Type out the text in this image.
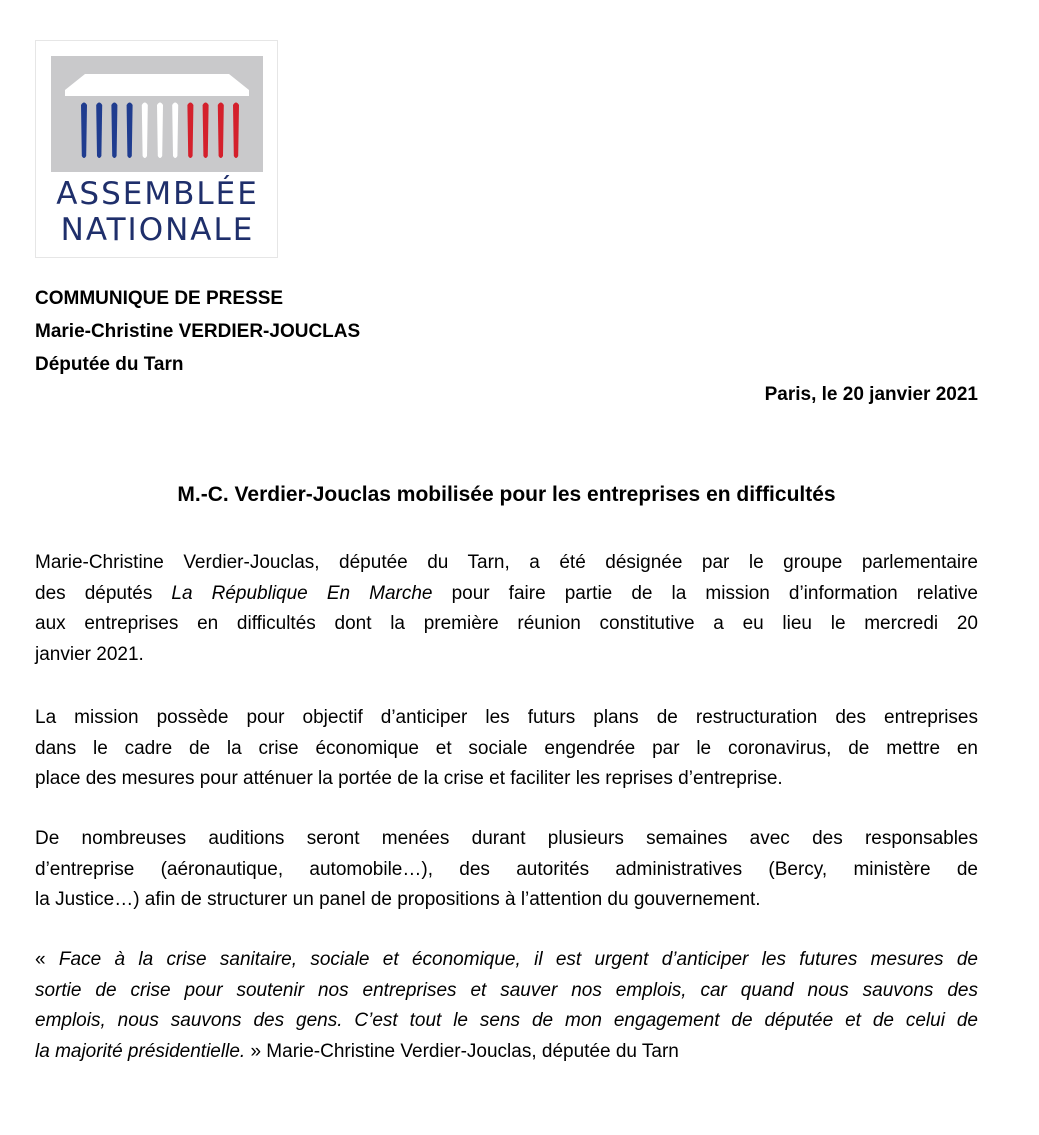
ASSEMBLÉE
NATIONALE
COMMUNIQUE DE PRESSE
Marie-Christine VERDIER-JOUCLAS
Députée du Tarn
Paris, le 20 janvier 2021
M.-C. Verdier-Jouclas mobilisée pour les entreprises en difficultés
Marie-Christine Verdier-Jouclas, députée du Tarn, a été désignée par le groupe parlementaire
des députés La République En Marche pour faire partie de la mission d’information relative
aux entreprises en difficultés dont la première réunion constitutive a eu lieu le mercredi 20
janvier 2021.
La mission possède pour objectif d’anticiper les futurs plans de restructuration des entreprises
dans le cadre de la crise économique et sociale engendrée par le coronavirus, de mettre en
place des mesures pour atténuer la portée de la crise et faciliter les reprises d’entreprise.
De nombreuses auditions seront menées durant plusieurs semaines avec des responsables
d’entreprise (aéronautique, automobile…), des autorités administratives (Bercy, ministère de
la Justice…) afin de structurer un panel de propositions à l’attention du gouvernement.
« Face à la crise sanitaire, sociale et économique, il est urgent d’anticiper les futures mesures de
sortie de crise pour soutenir nos entreprises et sauver nos emplois, car quand nous sauvons des
emplois, nous sauvons des gens. C’est tout le sens de mon engagement de députée et de celui de
la majorité présidentielle. » Marie-Christine Verdier-Jouclas, députée du Tarn
